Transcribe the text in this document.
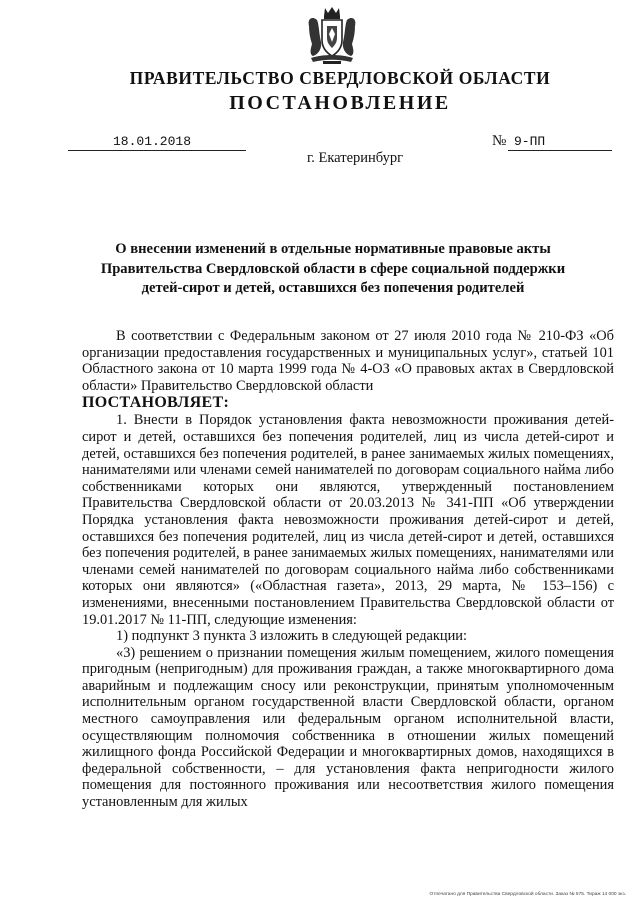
ПРАВИТЕЛЬСТВО СВЕРДЛОВСКОЙ ОБЛАСТИ
ПОСТАНОВЛЕНИЕ
18.01.2018	№ 9-ПП
г. Екатеринбург
О внесении изменений в отдельные нормативные правовые акты Правительства Свердловской области в сфере социальной поддержки детей-сирот и детей, оставшихся без попечения родителей

В соответствии с Федеральным законом от 27 июля 2010 года № 210-ФЗ «Об организации предоставления государственных и муниципальных услуг», статьей 101 Областного закона от 10 марта 1999 года № 4-ОЗ «О правовых актах в Свердловской области» Правительство Свердловской области

ПОСТАНОВЛЯЕТ:

1. Внести в Порядок установления факта невозможности проживания детей-сирот и детей, оставшихся без попечения родителей, лиц из числа детей-сирот и детей, оставшихся без попечения родителей, в ранее занимаемых жилых помещениях, нанимателями или членами семей нанимателей по договорам социального найма либо собственниками которых они являются, утвержденный постановлением Правительства Свердловской области от 20.03.2013 № 341-ПП «Об утверждении Порядка установления факта невозможности проживания детей-сирот и детей, оставшихся без попечения родителей, лиц из числа детей-сирот и детей, оставшихся без попечения родителей, в ранее занимаемых жилых помещениях, нанимателями или членами семей нанимателей по договорам социального найма либо собственниками которых они являются» («Областная газета», 2013, 29 марта, № 153–156) с изменениями, внесенными постановлением Правительства Свердловской области от 19.01.2017 № 11-ПП, следующие изменения:

1) подпункт 3 пункта 3 изложить в следующей редакции:

«3) решением о признании помещения жилым помещением, жилого помещения пригодным (непригодным) для проживания граждан, а также многоквартирного дома аварийным и подлежащим сносу или реконструкции, принятым уполномоченным исполнительным органом государственной власти Свердловской области, органом местного самоуправления или федеральным органом исполнительной власти, осуществляющим полномочия собственника в отношении жилых помещений жилищного фонда Российской Федерации и многоквартирных домов, находящихся в федеральной собственности, – для установления факта непригодности жилого помещения для постоянного проживания или несоответствия жилого помещения установленным для жилых

Отпечатано для Правительства Свердловской области. Заказ № 575. Тираж 14 000 экз.
